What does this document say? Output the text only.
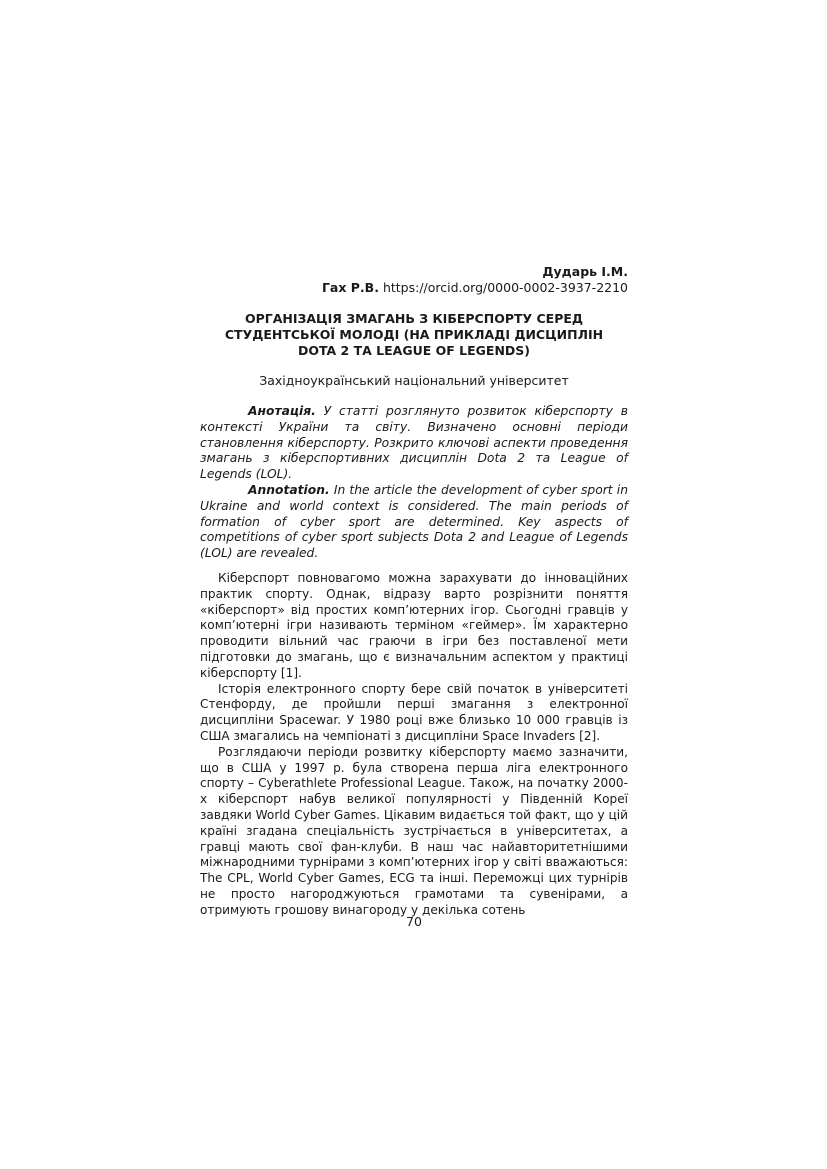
Дударь І.М.
Гах Р.В. https://orcid.org/0000-0002-3937-2210
ОРГАНІЗАЦІЯ ЗМАГАНЬ З КІБЕРСПОРТУ СЕРЕД
СТУДЕНТСЬКОЇ МОЛОДІ (НА ПРИКЛАДІ ДИСЦИПЛІН
DOTA 2 ТА LEAGUE OF LEGENDS)
Західноукраїнський національний університет

Анотація. У статті розглянуто розвиток кіберспорту в контексті України та світу. Визначено основні періоди становлення кіберспорту. Розкрито ключові аспекти проведення змагань з кіберспортивних дисциплін Dota 2 та League of Legends (LOL).

Annotation. In the article the development of cyber sport in Ukraine and world context is considered. The main periods of formation of cyber sport are determined. Key aspects of competitions of cyber sport subjects Dota 2 and League of Legends (LOL) are revealed.

Кіберспорт повновагомо можна зарахувати до інноваційних практик спорту. Однак, відразу варто розрізнити поняття «кіберспорт» від простих комп’ютерних ігор. Сьогодні гравців у комп’ютерні ігри називають терміном «геймер». Їм характерно проводити вільний час граючи в ігри без поставленої мети підготовки до змагань, що є визначальним аспектом у практиці кіберспорту [1].

Історія електронного спорту бере свій початок в університеті Стенфорду, де пройшли перші змагання з електронної дисципліни Spacewar. У 1980 році вже близько 10 000 гравців із США змагались на чемпіонаті з дисципліни Space Invaders [2].

Розглядаючи періоди розвитку кіберспорту маємо зазначити, що в США у 1997 р. була створена перша ліга електронного спорту – Cyberathlete Professional League. Також, на початку 2000-х кіберспорт набув великої популярності у Південній Кореї завдяки World Cyber Games. Цікавим видається той факт, що у цій країні згадана спеціальність зустрічається в університетах, а гравці мають свої фан-клуби. В наш час найавторитетнішими міжнародними турнірами з комп’ютерних ігор у світі вважаються: The CPL, World Cyber Games, ECG та інші. Переможці цих турнірів не просто нагороджуються грамотами та сувенірами, а отримують грошову винагороду у декілька сотень

70
